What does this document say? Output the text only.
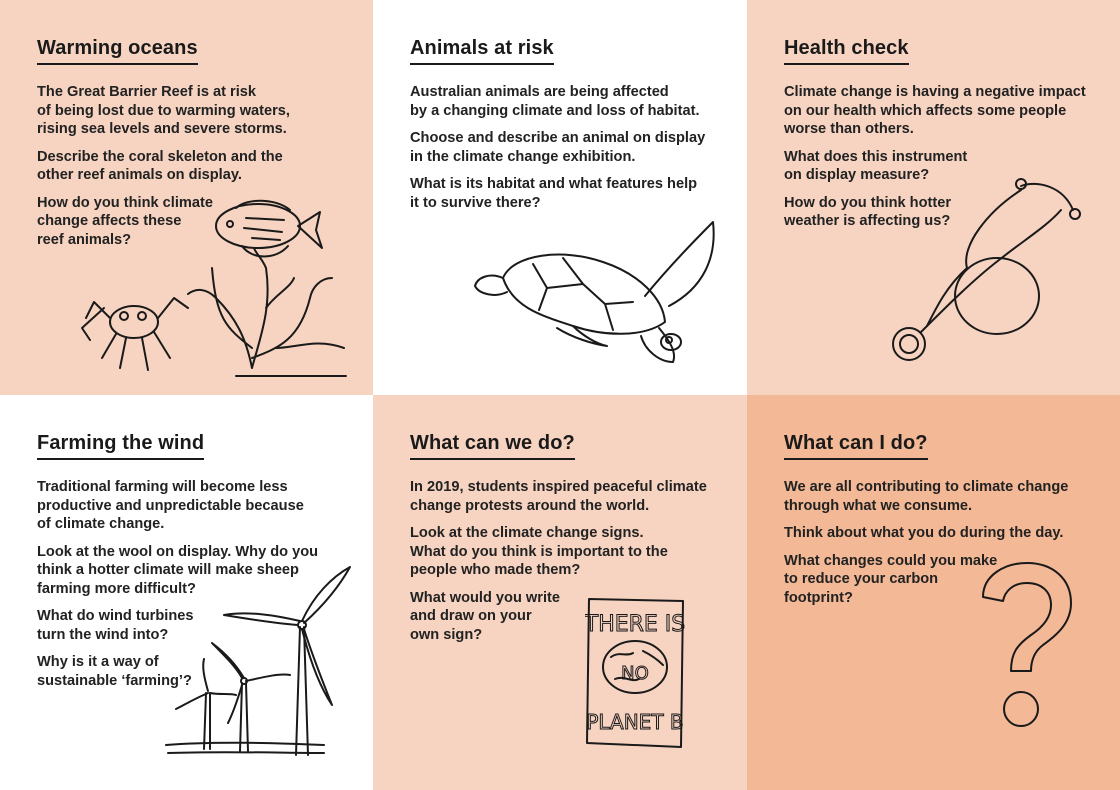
Warming oceans

The Great Barrier Reef is at risk
of being lost due to warming waters,
rising sea levels and severe storms.

Describe the coral skeleton and the
other reef animals on display.

How do you think climate
change affects these
reef animals?

Animals at risk

Australian animals are being affected
by a changing climate and loss of habitat.

Choose and describe an animal on display
in the climate change exhibition.

What is its habitat and what features help
it to survive there?

Health check

Climate change is having a negative impact
on our health which affects some people
worse than others.

What does this instrument
on display measure?

How do you think hotter
weather is affecting us?

Farming the wind

Traditional farming will become less
productive and unpredictable because
of climate change.

Look at the wool on display. Why do you
think a hotter climate will make sheep
farming more difficult?

What do wind turbines
turn the wind into?

Why is it a way of
sustainable ‘farming’?

What can we do?

In 2019, students inspired peaceful climate
change protests around the world.

Look at the climate change signs.
What do you think is important to the
people who made them?

What would you write
and draw on your
own sign?	THERE IS
NO
PLANET B
What can I do?

We are all contributing to climate change
through what we consume.

Think about what you do during the day.

What changes could you make
to reduce your carbon
footprint?
